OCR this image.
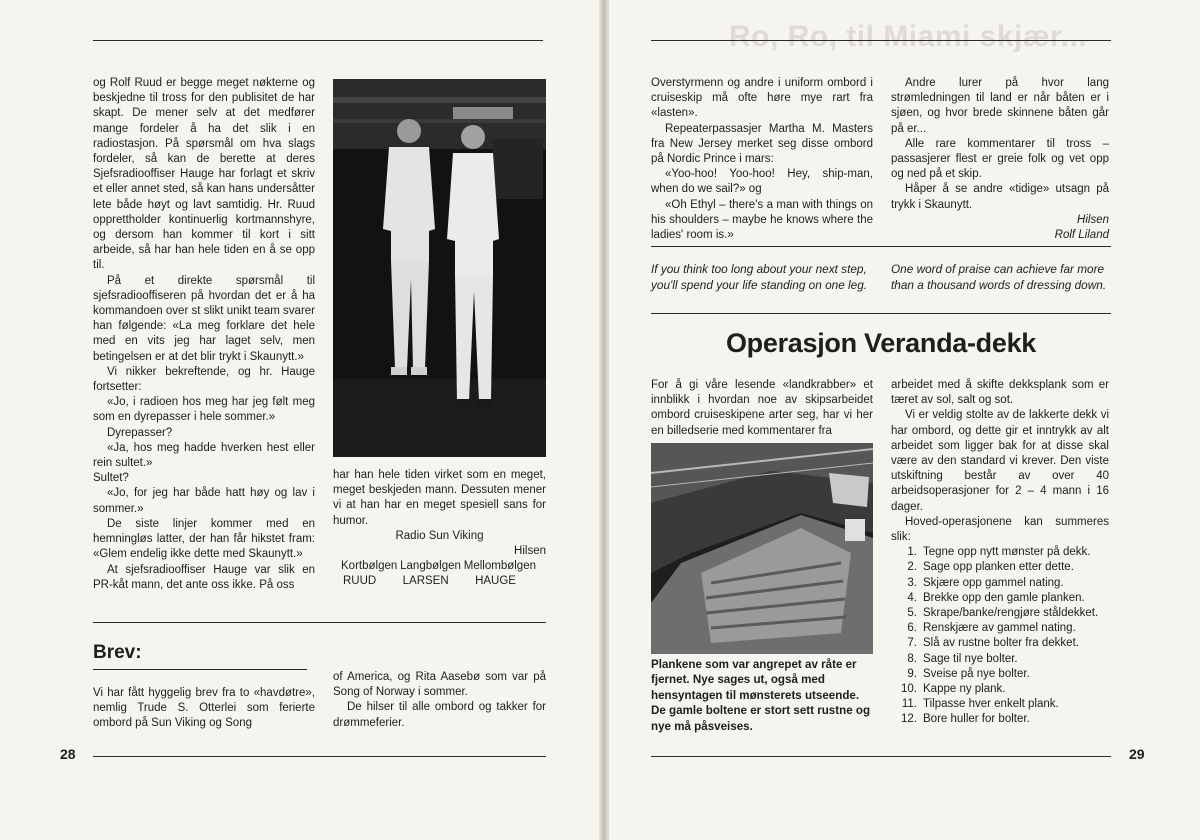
og Rolf Ruud er begge meget nøkterne og beskjedne til tross for den publisitet de har skapt. De mener selv at det medfører mange fordeler å ha det slik i en radiostasjon. På spørsmål om hva slags fordeler, så kan de berette at deres Sjefsradiooffiser Hauge har forlagt et skriv et eller annet sted, så kan hans undersåtter lete både høyt og lavt samtidig. Hr. Ruud opprettholder kontinuerlig kortmannshyre, og dersom han kommer til kort i sitt arbeide, så har han hele tiden en å se opp til.

På et direkte spørsmål til sjefsradiooffiseren på hvordan det er å ha kommandoen over st slikt unikt team svarer han følgende: «La meg forklare det hele med en vits jeg har laget selv, men betingelsen er at det blir trykt i Skaunytt.»

Vi nikker bekreftende, og hr. Hauge fortsetter:

«Jo, i radioen hos meg har jeg følt meg som en dyrepasser i hele sommer.»

Dyrepasser?

«Ja, hos meg hadde hverken hest eller rein sultet.»

Sultet?

«Jo, for jeg har både hatt høy og lav i sommer.»

De siste linjer kommer med en hemningløs latter, der han får hikstet fram: «Glem endelig ikke dette med Skaunytt.»

At sjefsradiooffiser Hauge var slik en PR-kåt mann, det ante oss ikke. På oss

har han hele tiden virket som en meget, meget beskjeden mann. Dessuten mener vi at han har en meget spesiell sans for humor.

Radio Sun Viking

Hilsen

Kortbølgen Langbølgen Mellombølgen
RUUD LARSEN HAUGE
Brev:

Vi har fått hyggelig brev fra to «havdøtre», nemlig Trude S. Otterlei som ferierte ombord på Sun Viking og Song

of America, og Rita Aasebø som var på Song of Norway i sommer.

De hilser til alle ombord og takker for drømmeferier.

28
Ro, Ro, til Miami skjær...

Overstyrmenn og andre i uniform ombord i cruiseskip må ofte høre mye rart fra «lasten».

Repeaterpassasjer Martha M. Masters fra New Jersey merket seg disse ombord på Nordic Prince i mars:

«Yoo-hoo! Yoo-hoo! Hey, ship-man, when do we sail?» og

«Oh Ethyl – there's a man with things on his shoulders – maybe he knows where the ladies' room is.»

Andre lurer på hvor lang strømledningen til land er når båten er i sjøen, og hvor brede skinnene båten går på er...

Alle rare kommentarer til tross – passasjerer flest er greie folk og vet opp og ned på et skip.

Håper å se andre «tidige» utsagn på trykk i Skaunytt.

Hilsen

Rolf Liland

If you think too long about your next step, you'll spend your life standing on one leg.
One word of praise can achieve far more than a thousand words of dressing down.
Operasjon Veranda-dekk

For å gi våre lesende «landkrabber» et innblikk i hvordan noe av skipsarbeidet ombord cruiseskipene arter seg, har vi her en billedserie med kommentarer fra

Plankene som var angrepet av råte er fjernet. Nye sages ut, også med hensyntagen til mønsterets utseende. De gamle boltene er stort sett rustne og nye må påsveises.

arbeidet med å skifte dekksplank som er tæret av sol, salt og sot.

Vi er veldig stolte av de lakkerte dekk vi har ombord, og dette gir et inntrykk av alt arbeidet som ligger bak for at disse skal være av den standard vi krever. Den viste utskiftning består av over 40 arbeidsoperasjoner for 2 – 4 mann i 16 dager.

Hoved-operasjonene kan summeres slik:

1. Tegne opp nytt mønster på dekk.
2. Sage opp planken etter dette.
3. Skjære opp gammel nating.
4. Brekke opp den gamle planken.
5. Skrape/banke/rengjøre ståldekket.
6. Renskjære av gammel nating.
7. Slå av rustne bolter fra dekket.
8. Sage til nye bolter.
9. Sveise på nye bolter.
10. Kappe ny plank.
11. Tilpasse hver enkelt plank.
12. Bore huller for bolter.
29
